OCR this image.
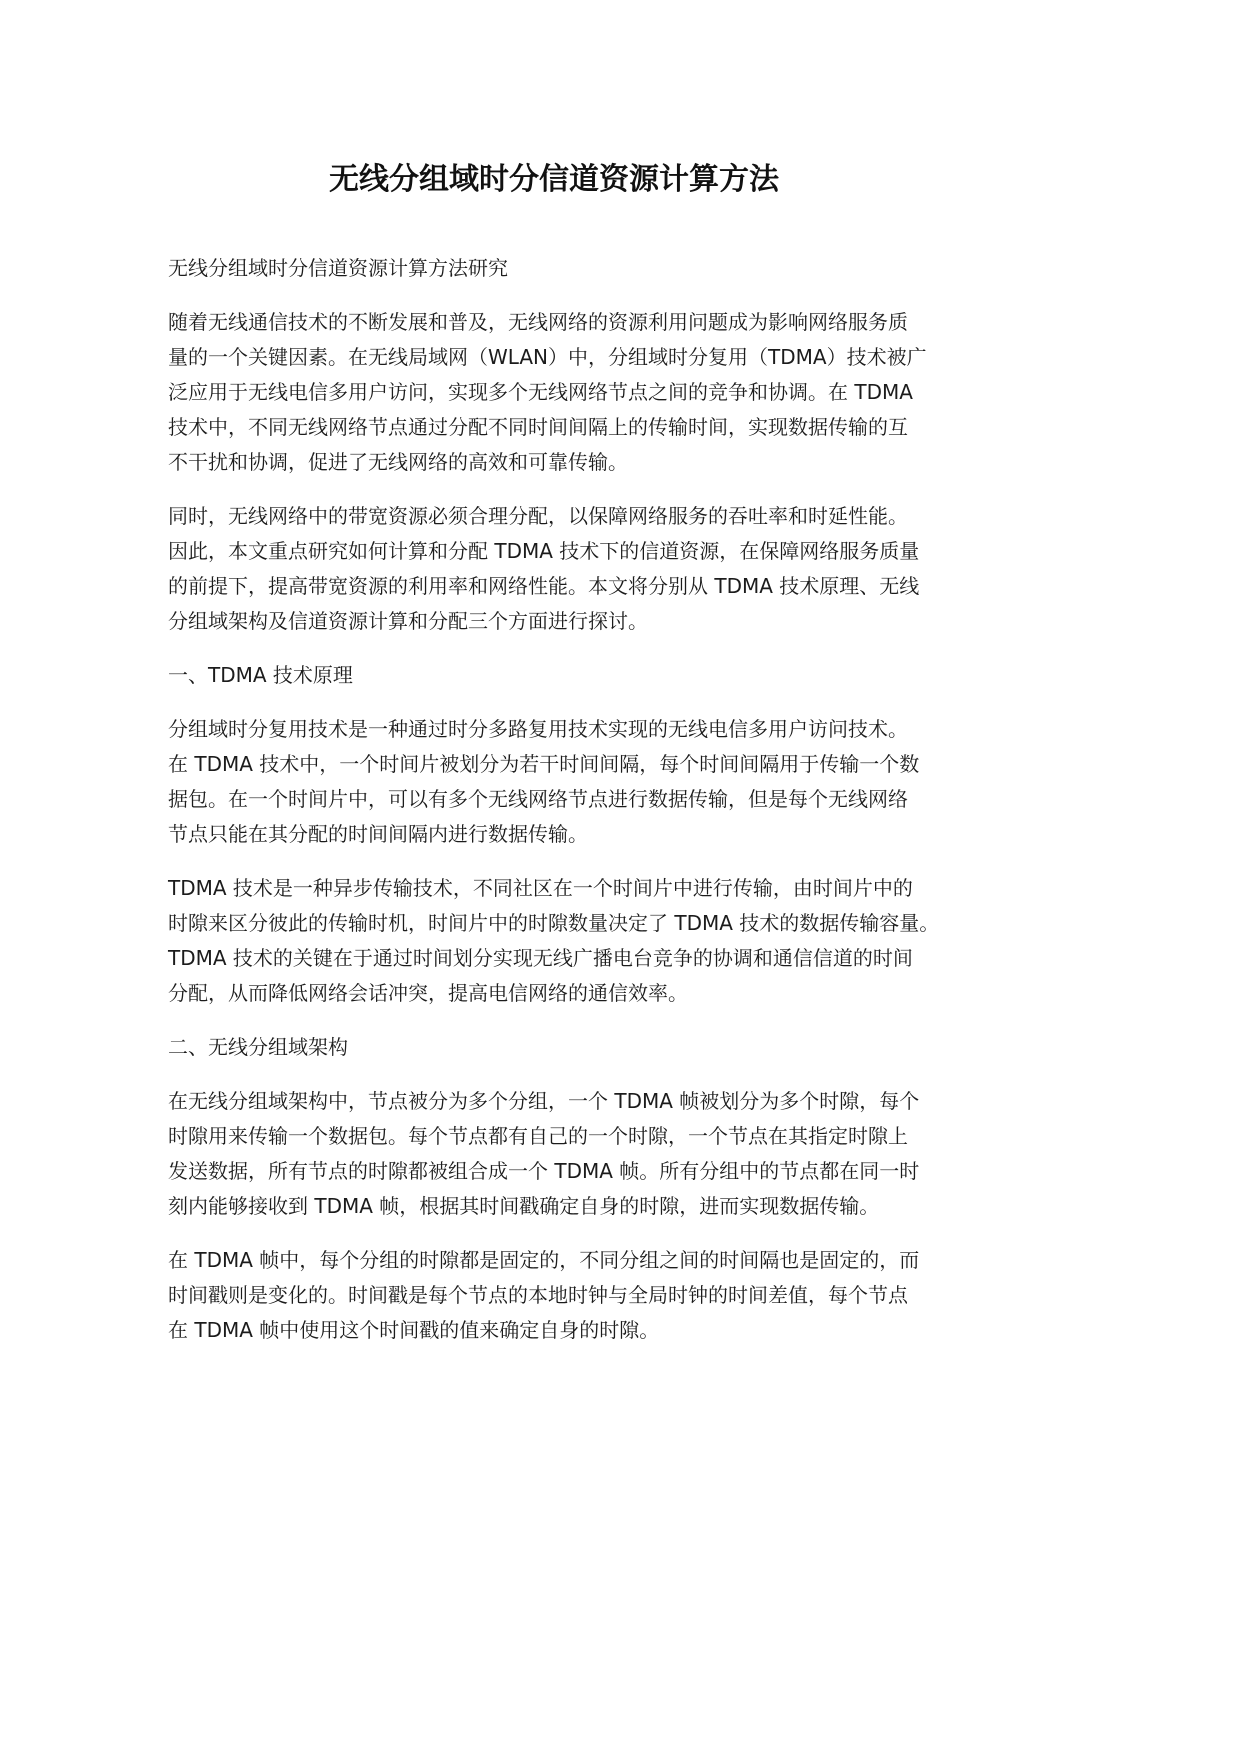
无线分组域时分信道资源计算方法
无线分组域时分信道资源计算方法研究
随着无线通信技术的不断发展和普及，无线网络的资源利用问题成为影响网络服务质
量的一个关键因素。在无线局域网（WLAN）中，分组域时分复用（TDMA）技术被广
泛应用于无线电信多用户访问，实现多个无线网络节点之间的竞争和协调。在 TDMA
技术中，不同无线网络节点通过分配不同时间间隔上的传输时间，实现数据传输的互
不干扰和协调，促进了无线网络的高效和可靠传输。
同时，无线网络中的带宽资源必须合理分配，以保障网络服务的吞吐率和时延性能。
因此，本文重点研究如何计算和分配 TDMA 技术下的信道资源，在保障网络服务质量
的前提下，提高带宽资源的利用率和网络性能。本文将分别从 TDMA 技术原理、无线
分组域架构及信道资源计算和分配三个方面进行探讨。
一、TDMA 技术原理
分组域时分复用技术是一种通过时分多路复用技术实现的无线电信多用户访问技术。
在 TDMA 技术中，一个时间片被划分为若干时间间隔，每个时间间隔用于传输一个数
据包。在一个时间片中，可以有多个无线网络节点进行数据传输，但是每个无线网络
节点只能在其分配的时间间隔内进行数据传输。
TDMA 技术是一种异步传输技术，不同社区在一个时间片中进行传输，由时间片中的
时隙来区分彼此的传输时机，时间片中的时隙数量决定了 TDMA 技术的数据传输容量。
TDMA 技术的关键在于通过时间划分实现无线广播电台竞争的协调和通信信道的时间
分配，从而降低网络会话冲突，提高电信网络的通信效率。
二、无线分组域架构
在无线分组域架构中，节点被分为多个分组，一个 TDMA 帧被划分为多个时隙，每个
时隙用来传输一个数据包。每个节点都有自己的一个时隙，一个节点在其指定时隙上
发送数据，所有节点的时隙都被组合成一个 TDMA 帧。所有分组中的节点都在同一时
刻内能够接收到 TDMA 帧，根据其时间戳确定自身的时隙，进而实现数据传输。
在 TDMA 帧中，每个分组的时隙都是固定的，不同分组之间的时间隔也是固定的，而
时间戳则是变化的。时间戳是每个节点的本地时钟与全局时钟的时间差值，每个节点
在 TDMA 帧中使用这个时间戳的值来确定自身的时隙。
